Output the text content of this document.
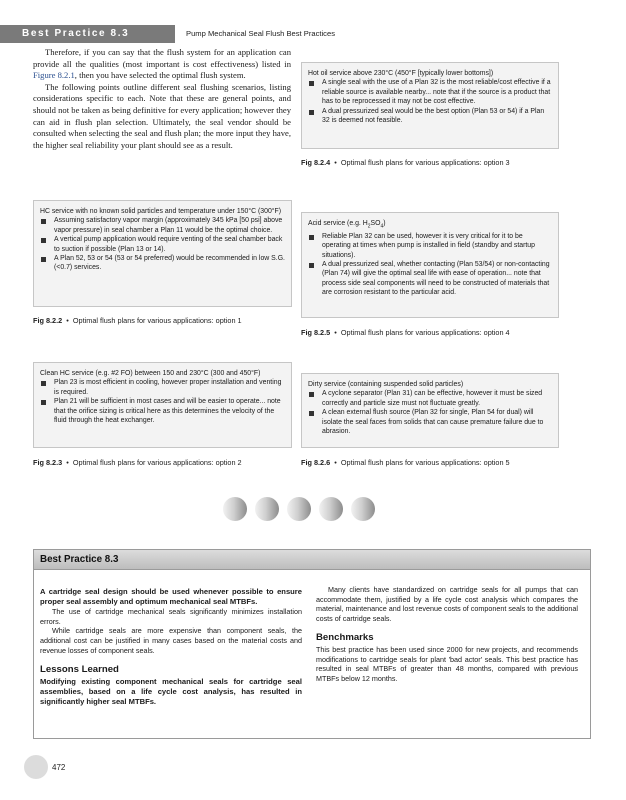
Best Practice 8.3	Pump Mechanical Seal Flush Best Practices

Therefore, if you can say that the flush system for an application can provide all the qualities (most important is cost effectiveness) listed in Figure 8.2.1, then you have selected the optimal flush system.

The following points outline different seal flushing scenarios, listing considerations specific to each. Note that these are general points, and should not be taken as being definitive for every application; however they can aid in flush plan selection. Ultimately, the seal vendor should be consulted when selecting the seal and flush plan; the more input they have, the higher seal reliability your plant should see as a result.

HC service with no known solid particles and temperature under 150°C (300°F)
Assuming satisfactory vapor margin (approximately 345 kPa [50 psi] above vapor pressure) in seal chamber a Plan 11 would be the optimal choice.
A vertical pump application would require venting of the seal chamber back to suction if possible (Plan 13 or 14).
A Plan 52, 53 or 54 (53 or 54 preferred) would be recommended in low S.G. (<0.7) services.
Fig 8.2.2  •  Optimal flush plans for various applications: option 1
Clean HC service (e.g. #2 FO) between 150 and 230°C (300 and 450°F)
Plan 23 is most efficient in cooling, however proper installation and venting is required.
Plan 21 will be sufficient in most cases and will be easier to operate... note that the orifice sizing is critical here as this determines the velocity of the fluid through the heat exchanger.
Fig 8.2.3  •  Optimal flush plans for various applications: option 2
Hot oil service above 230°C (450°F [typically lower bottoms])
A single seal with the use of a Plan 32 is the most reliable/cost effective if a reliable source is available nearby... note that if the source is a product that has to be reprocessed it may not be cost effective.
A dual pressurized seal would be the best option (Plan 53 or 54) if a Plan 32 is deemed not feasible.
Fig 8.2.4  •  Optimal flush plans for various applications: option 3
Acid service (e.g. $H_2SO_4$)
Reliable Plan 32 can be used, however it is very critical for it to be operating at times when pump is installed in field (standby and startup situations).
A dual pressurized seal, whether contacting (Plan 53/54) or non-contacting (Plan 74) will give the optimal seal life with ease of operation... note that process side seal components will need to be constructed of materials that are corrosion resistant to the particular acid.
Fig 8.2.5  •  Optimal flush plans for various applications: option 4
Dirty service (containing suspended solid particles)
A cyclone separator (Plan 31) can be effective, however it must be sized correctly and particle size must not fluctuate greatly.
A clean external flush source (Plan 32 for single, Plan 54 for dual) will isolate the seal faces from solids that can cause premature failure due to abrasion.
Fig 8.2.6  •  Optimal flush plans for various applications: option 5
Best Practice 8.3

A cartridge seal design should be used whenever possible to ensure proper seal assembly and optimum mechanical seal MTBFs.

The use of cartridge mechanical seals significantly minimizes installation errors.

While cartridge seals are more expensive than component seals, the additional cost can be justified in many cases based on the material costs and revenue losses of component seals.

Lessons Learned

Modifying existing component mechanical seals for cartridge seal assemblies, based on a life cycle cost analysis, has resulted in significantly higher seal MTBFs.

Many clients have standardized on cartridge seals for all pumps that can accommodate them, justified by a life cycle cost analysis which compares the material, maintenance and lost revenue costs of component seals to the additional costs of cartridge seals.

Benchmarks

This best practice has been used since 2000 for new projects, and recommends modifications to cartridge seals for plant 'bad actor' seals. This best practice has resulted in seal MTBFs of greater than 48 months, compared with previous MTBFs below 12 months.

472
